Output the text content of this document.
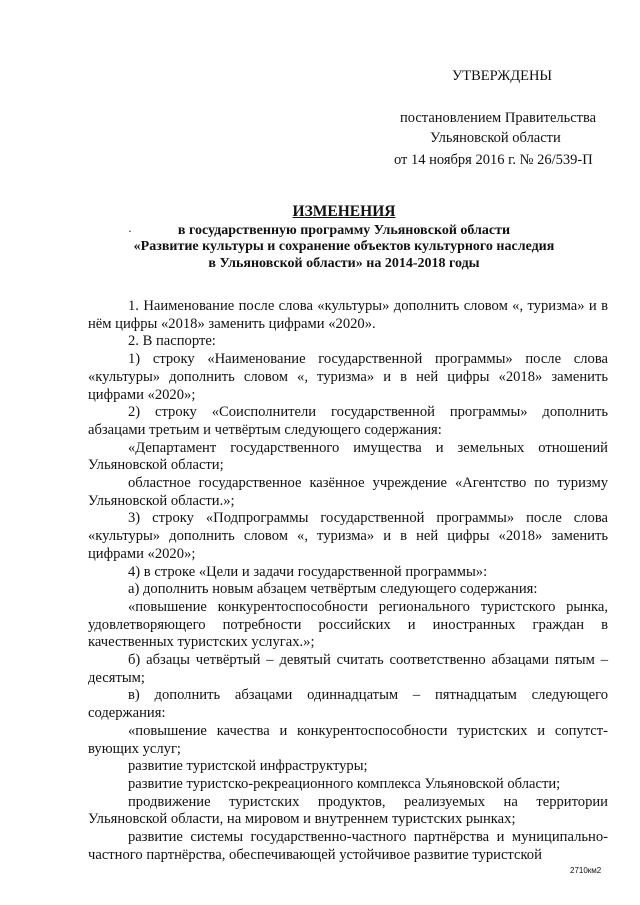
УТВЕРЖДЕНЫ
постановлением Правительства
Ульяновской области
от 14 ноября 2016 г. № 26/539-П
·
ИЗМЕНЕНИЯ
в государственную программу Ульяновской области
«Развитие культуры и сохранение объектов культурного наследия
в Ульяновской области» на 2014-2018 годы

1. Наименование после слова «культуры» дополнить словом «, туризма» и в нём цифры «2018» заменить цифрами «2020».

2. В паспорте:

1) строку «Наименование государственной программы» после слова «культуры» дополнить словом «, туризма» и в ней цифры «2018» заменить цифрами «2020»;

2) строку «Соисполнители государственной программы» дополнить абзацами третьим и четвёртым следующего содержания:

«Департамент государственного имущества и земельных отношений Ульяновской области;

областное государственное казённое учреждение «Агентство по туризму Ульяновской области.»;

3) строку «Подпрограммы государственной программы» после слова «культуры» дополнить словом «, туризма» и в ней цифры «2018» заменить цифрами «2020»;

4) в строке «Цели и задачи государственной программы»:

а) дополнить новым абзацем четвёртым следующего содержания:

«повышение конкурентоспособности регионального туристского рынка, удовлетворяющего потребности российских и иностранных граждан в качественных туристских услугах.»;

б) абзацы четвёртый – девятый считать соответственно абзацами пятым – десятым;

в) дополнить абзацами одиннадцатым – пятнадцатым следующего содержания:

«повышение качества и конкурентоспособности туристских и сопутст-вующих услуг;

развитие туристской инфраструктуры;

развитие туристско-рекреационного комплекса Ульяновской области;

продвижение туристских продуктов, реализуемых на территории Ульяновской области, на мировом и внутреннем туристских рынках;

развитие системы государственно-частного партнёрства и муниципально-частного партнёрства, обеспечивающей устойчивое развитие туристской

2710км2
